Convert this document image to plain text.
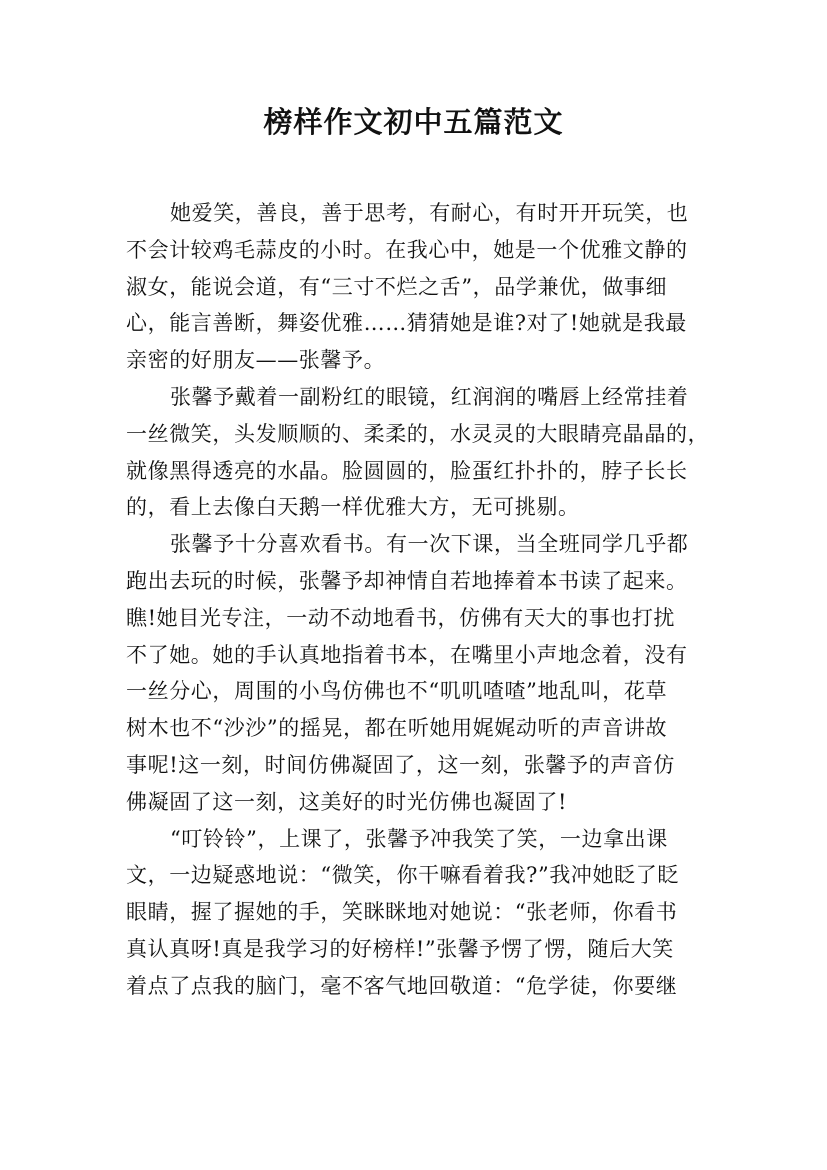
榜样作文初中五篇范文
她爱笑，善良，善于思考，有耐心，有时开开玩笑，也
不会计较鸡毛蒜皮的小时。在我心中，她是一个优雅文静的
淑女，能说会道，有“三寸不烂之舌”，品学兼优，做事细
心，能言善断，舞姿优雅……猜猜她是谁?对了!她就是我最
亲密的好朋友——张馨予。
张馨予戴着一副粉红的眼镜，红润润的嘴唇上经常挂着
一丝微笑，头发顺顺的、柔柔的，水灵灵的大眼睛亮晶晶的，
就像黑得透亮的水晶。脸圆圆的，脸蛋红扑扑的，脖子长长
的，看上去像白天鹅一样优雅大方，无可挑剔。
张馨予十分喜欢看书。有一次下课，当全班同学几乎都
跑出去玩的时候，张馨予却神情自若地捧着本书读了起来。
瞧!她目光专注，一动不动地看书，仿佛有天大的事也打扰
不了她。她的手认真地指着书本，在嘴里小声地念着，没有
一丝分心，周围的小鸟仿佛也不“叽叽喳喳”地乱叫，花草
树木也不“沙沙”的摇晃，都在听她用娓娓动听的声音讲故
事呢!这一刻，时间仿佛凝固了，这一刻，张馨予的声音仿
佛凝固了这一刻，这美好的时光仿佛也凝固了!
“叮铃铃”，上课了，张馨予冲我笑了笑，一边拿出课
文，一边疑惑地说：“微笑，你干嘛看着我?”我冲她眨了眨
眼睛，握了握她的手，笑眯眯地对她说：“张老师，你看书
真认真呀!真是我学习的好榜样!”张馨予愣了愣，随后大笑
着点了点我的脑门，毫不客气地回敬道：“危学徒，你要继
